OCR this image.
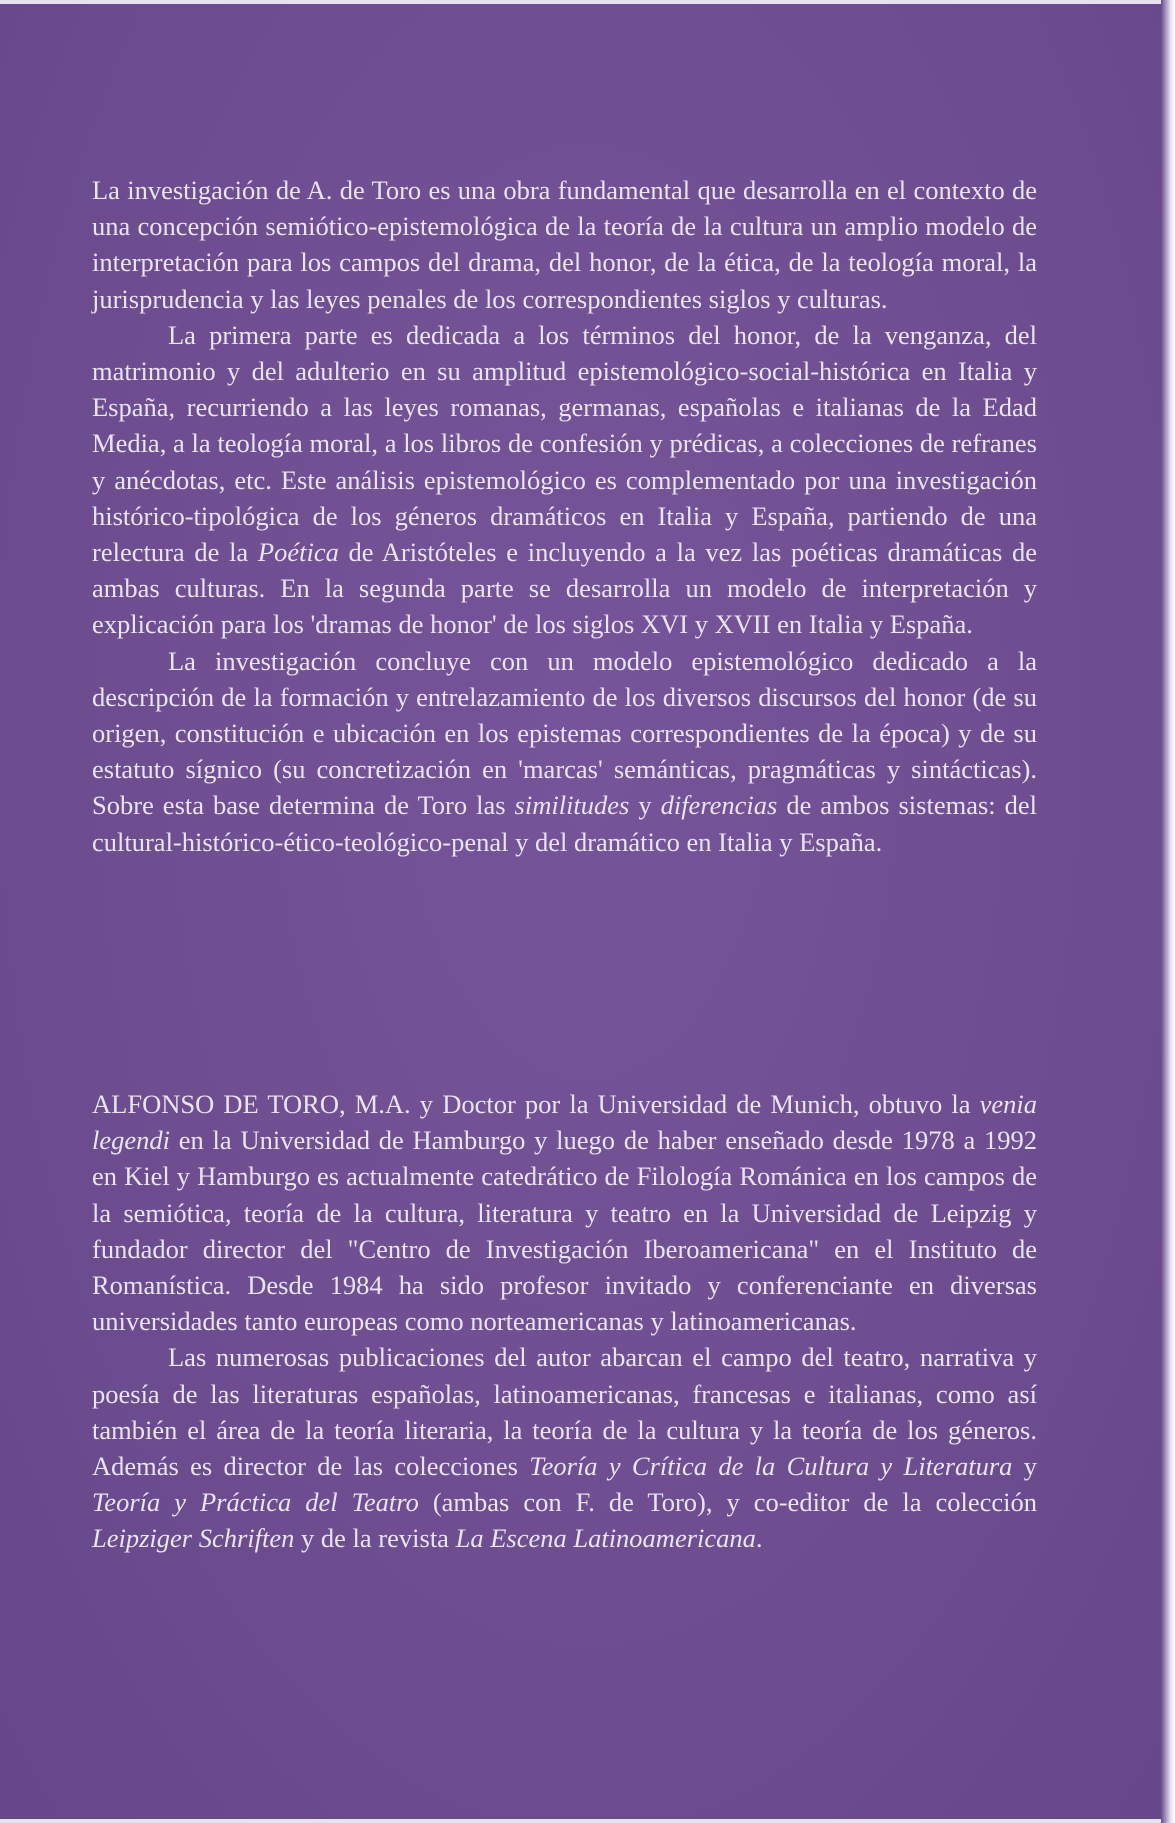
La investigación de A. de Toro es una obra fundamental que desarrolla en el contexto de una concepción semiótico-epistemológica de la teoría de la cultura un amplio modelo de interpretación para los campos del drama, del honor, de la ética, de la teología moral, la jurisprudencia y las leyes penales de los correspondientes siglos y culturas.

La primera parte es dedicada a los términos del honor, de la venganza, del matrimonio y del adulterio en su amplitud epistemológico-social-histórica en Italia y España, recurriendo a las leyes romanas, germanas, españolas e italianas de la Edad Media, a la teología moral, a los libros de confesión y prédicas, a colecciones de refranes y anécdotas, etc. Este análisis epistemológico es complementado por una investigación histórico-tipológica de los géneros dramáticos en Italia y España, partiendo de una relectura de la Poética de Aristóteles e incluyendo a la vez las poéticas dramáticas de ambas culturas. En la segunda parte se desarrolla un modelo de interpretación y explicación para los 'dramas de honor' de los siglos XVI y XVII en Italia y España.

La investigación concluye con un modelo epistemológico dedicado a la descripción de la formación y entrelazamiento de los diversos discursos del honor (de su origen, constitución e ubicación en los epistemas correspondientes de la época) y de su estatuto sígnico (su concretización en 'marcas' semánticas, pragmáticas y sintácticas). Sobre esta base determina de Toro las similitudes y diferencias de ambos sistemas: del cultural-histórico-ético-teológico-penal y del dramático en Italia y España.

ALFONSO DE TORO, M.A. y Doctor por la Universidad de Munich, obtuvo la venia legendi en la Universidad de Hamburgo y luego de haber enseñado desde 1978 a 1992 en Kiel y Hamburgo es actualmente catedrático de Filología Románica en los campos de la semiótica, teoría de la cultura, literatura y teatro en la Universidad de Leipzig y fundador director del "Centro de Investigación Iberoamericana" en el Instituto de Romanística. Desde 1984 ha sido profesor invitado y conferenciante en diversas universidades tanto europeas como norteamericanas y latinoamericanas.

Las numerosas publicaciones del autor abarcan el campo del teatro, narrativa y poesía de las literaturas españolas, latinoamericanas, francesas e italianas, como así también el área de la teoría literaria, la teoría de la cultura y la teoría de los géneros. Además es director de las colecciones Teoría y Crítica de la Cultura y Literatura y Teoría y Práctica del Teatro (ambas con F. de Toro), y co-editor de la colección Leipziger Schriften y de la revista La Escena Latinoamericana.
